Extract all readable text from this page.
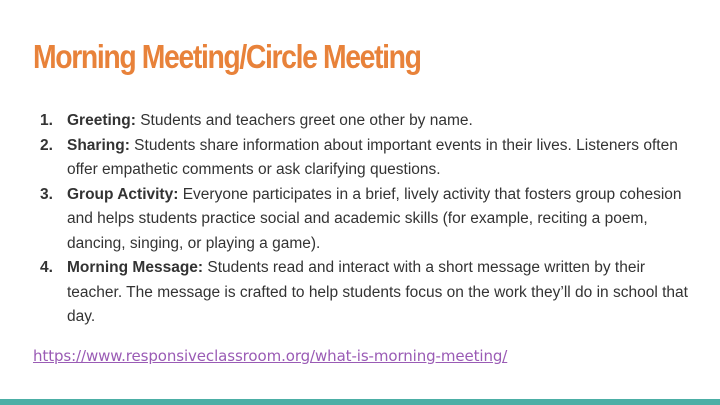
Morning Meeting/Circle Meeting
1. Greeting: Students and teachers greet one other by name.
2. Sharing: Students share information about important events in their lives. Listeners often offer empathetic comments or ask clarifying questions.
3. Group Activity: Everyone participates in a brief, lively activity that fosters group cohesion and helps students practice social and academic skills (for example, reciting a poem, dancing, singing, or playing a game).
4. Morning Message: Students read and interact with a short message written by their teacher. The message is crafted to help students focus on the work they’ll do in school that day.
https://www.responsiveclassroom.org/what-is-morning-meeting/
